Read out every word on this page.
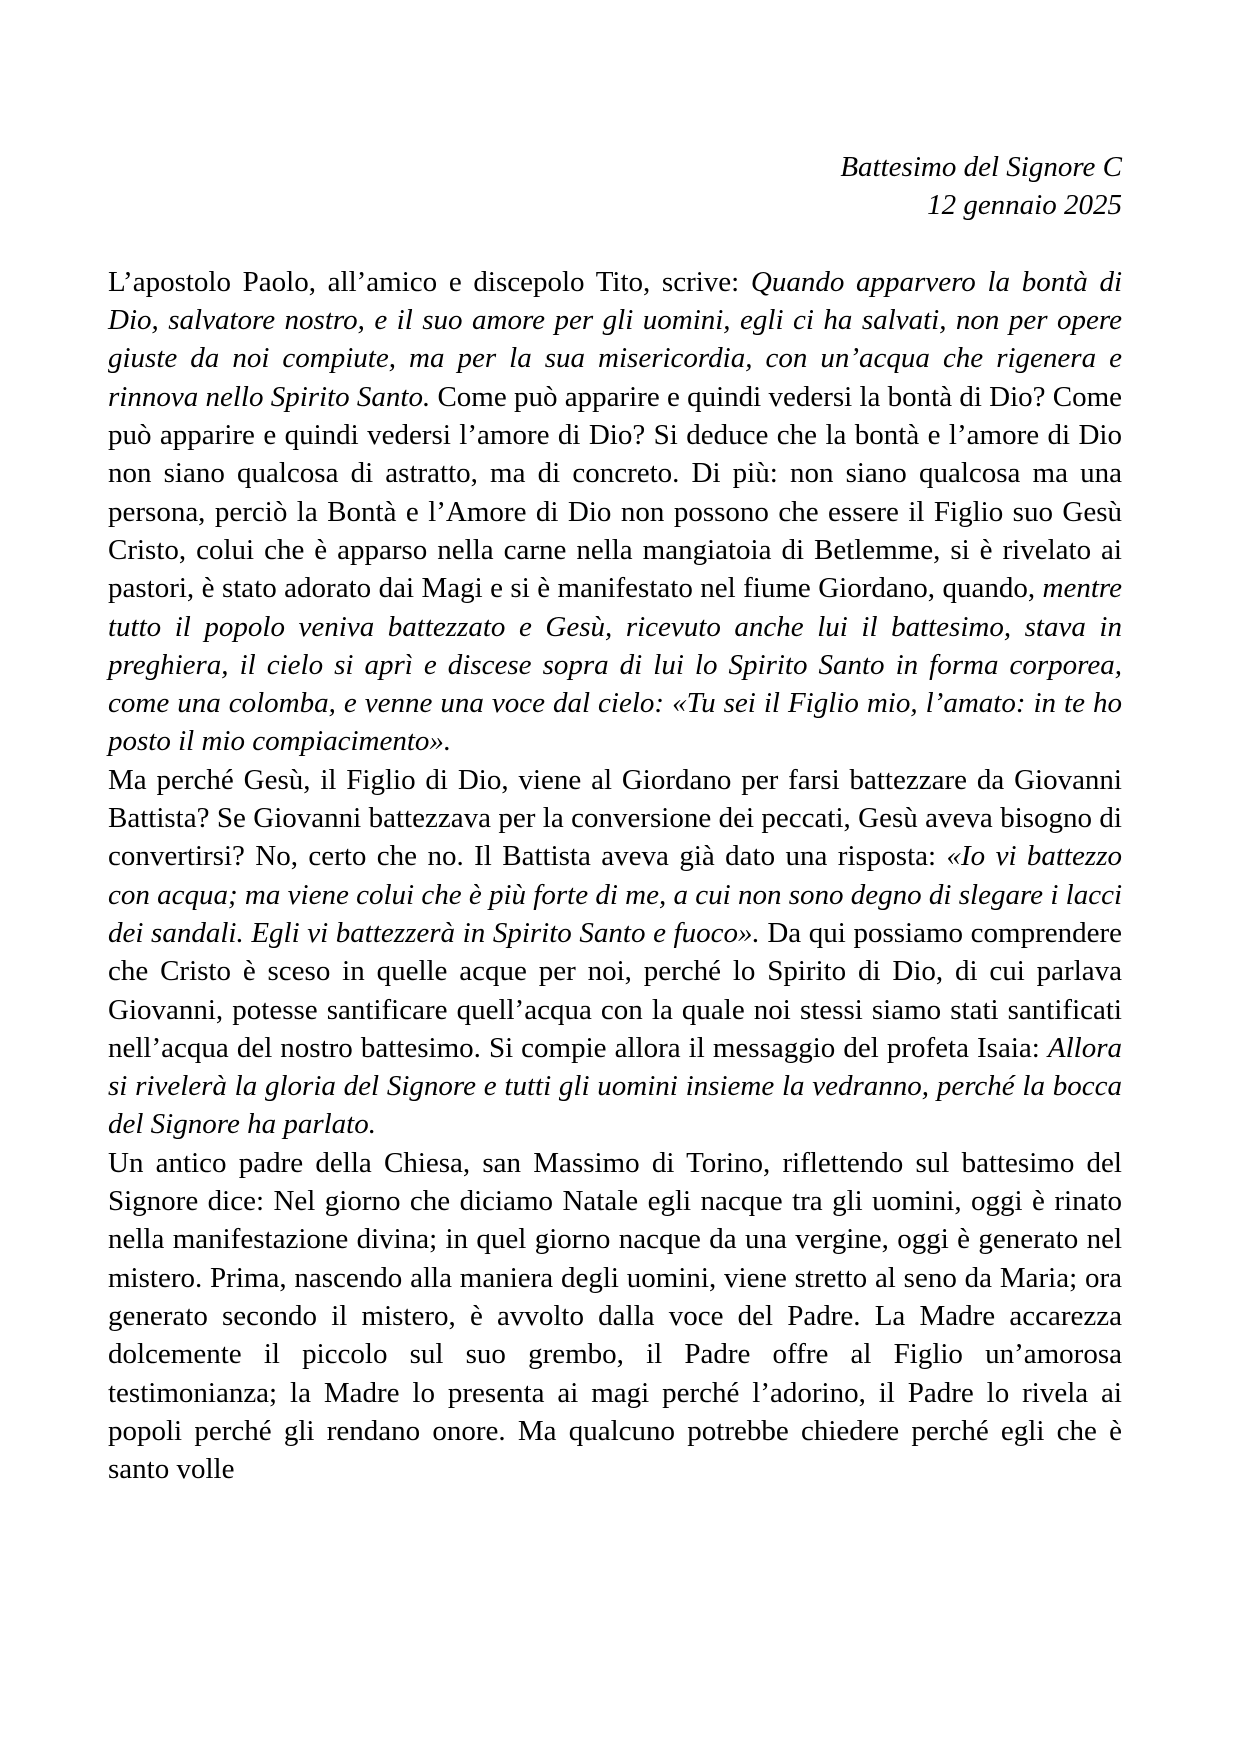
Battesimo del Signore C
12 gennaio 2025

L’apostolo Paolo, all’amico e discepolo Tito, scrive: Quando apparvero la bontà di Dio, salvatore nostro, e il suo amore per gli uomini, egli ci ha salvati, non per opere giuste da noi compiute, ma per la sua misericordia, con un’acqua che rigenera e rinnova nello Spirito Santo. Come può apparire e quindi vedersi la bontà di Dio? Come può apparire e quindi vedersi l’amore di Dio? Si deduce che la bontà e l’amore di Dio non siano qualcosa di astratto, ma di concreto. Di più: non siano qualcosa ma una persona, perciò la Bontà e l’Amore di Dio non possono che essere il Figlio suo Gesù Cristo, colui che è apparso nella carne nella mangiatoia di Betlemme, si è rivelato ai pastori, è stato adorato dai Magi e si è manifestato nel fiume Giordano, quando, mentre tutto il popolo veniva battezzato e Gesù, ricevuto anche lui il battesimo, stava in preghiera, il cielo si aprì e discese sopra di lui lo Spirito Santo in forma corporea, come una colomba, e venne una voce dal cielo: «Tu sei il Figlio mio, l’amato: in te ho posto il mio compiacimento».

Ma perché Gesù, il Figlio di Dio, viene al Giordano per farsi battezzare da Giovanni Battista? Se Giovanni battezzava per la conversione dei peccati, Gesù aveva bisogno di convertirsi? No, certo che no. Il Battista aveva già dato una risposta: «Io vi battezzo con acqua; ma viene colui che è più forte di me, a cui non sono degno di slegare i lacci dei sandali. Egli vi battezzerà in Spirito Santo e fuoco». Da qui possiamo comprendere che Cristo è sceso in quelle acque per noi, perché lo Spirito di Dio, di cui parlava Giovanni, potesse santificare quell’acqua con la quale noi stessi siamo stati santificati nell’acqua del nostro battesimo. Si compie allora il messaggio del profeta Isaia: Allora si rivelerà la gloria del Signore e tutti gli uomini insieme la vedranno, perché la bocca del Signore ha parlato.

Un antico padre della Chiesa, san Massimo di Torino, riflettendo sul battesimo del Signore dice: Nel giorno che diciamo Natale egli nacque tra gli uomini, oggi è rinato nella manifestazione divina; in quel giorno nacque da una vergine, oggi è generato nel mistero. Prima, nascendo alla maniera degli uomini, viene stretto al seno da Maria; ora generato secondo il mistero, è avvolto dalla voce del Padre. La Madre accarezza dolcemente il piccolo sul suo grembo, il Padre offre al Figlio un’amorosa testimonianza; la Madre lo presenta ai magi perché l’adorino, il Padre lo rivela ai popoli perché gli rendano onore. Ma qualcuno potrebbe chiedere perché egli che è santo volle
